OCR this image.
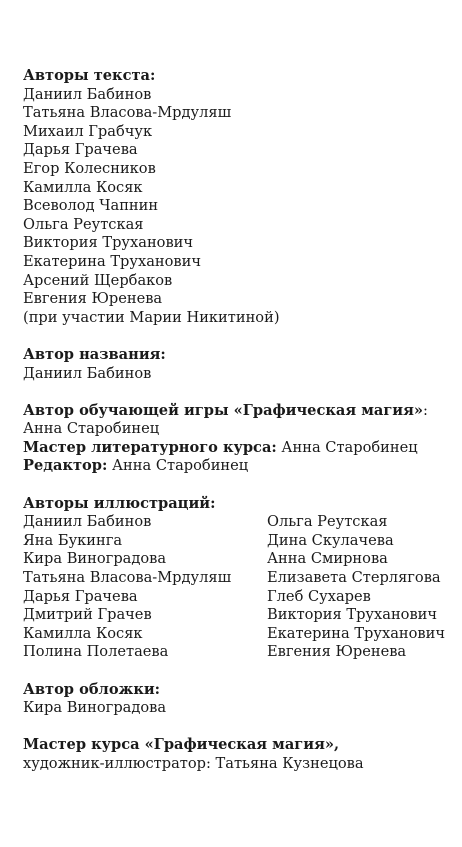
Авторы текста:
Даниил Бабинов
Татьяна Власова-Мрдуляш
Михаил Грабчук
Дарья Грачева
Егор Колесников
Камилла Косяк
Всеволод Чапнин
Ольга Реутская
Виктория Труханович
Екатерина Труханович
Арсений Щербаков
Евгения Юренева
(при участии Марии Никитиной)
Автор названия:
Даниил Бабинов
Автор обучающей игры «Графическая магия»:
Анна Старобинец
Мастер литературного курса: Анна Старобинец
Редактор: Анна Старобинец
Авторы иллюстраций:
Даниил Бабинов
Яна Букинга
Кира Виноградова
Татьяна Власова-Мрдуляш
Дарья Грачева
Дмитрий Грачев
Камилла Косяк
Полина Полетаева
Ольга Реутская
Дина Скулачева
Анна Смирнова
Елизавета Стерлягова
Глеб Сухарев
Виктория Труханович
Екатерина Труханович
Евгения Юренева
Автор обложки:
Кира Виноградова
Мастер курса «Графическая магия»,
художник-иллюстратор: Татьяна Кузнецова
